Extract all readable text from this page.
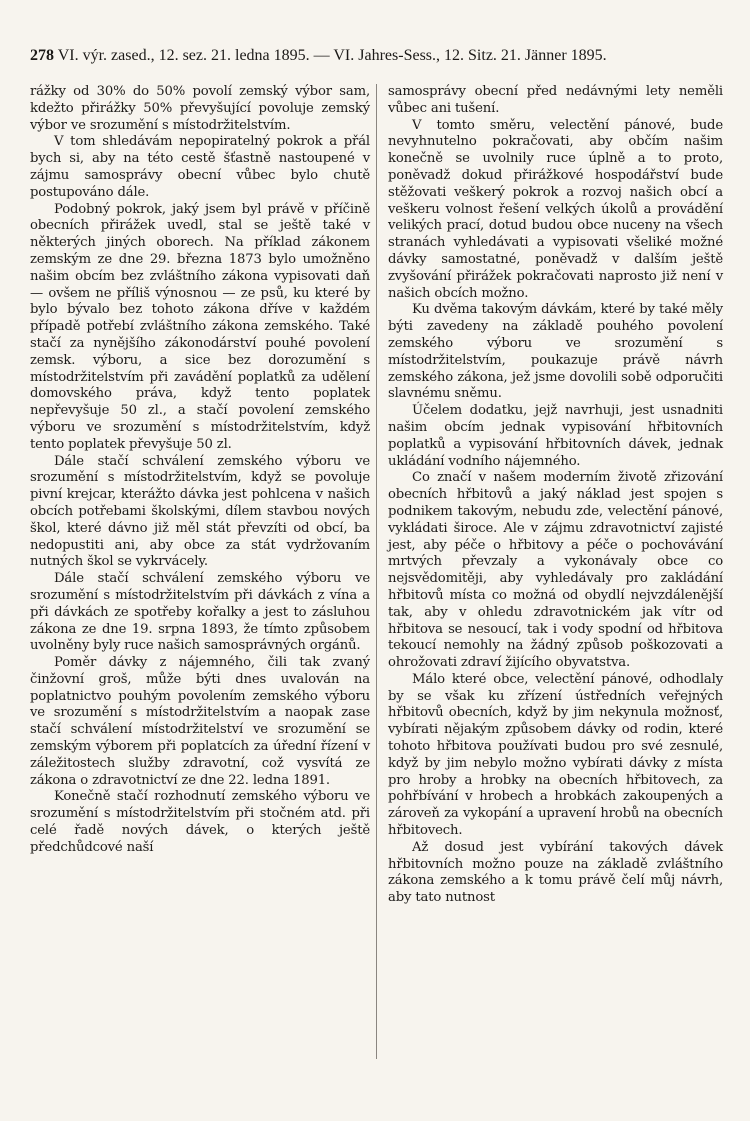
278 VI. výr. zased., 12. sez. 21. ledna 1895. — VI. Jahres-Sess., 12. Sitz. 21. Jänner 1895.

rážky od 30% do 50% povolí zemský výbor sam, kdežto přirážky 50% převyšující povoluje zemský výbor ve srozumění s místodržitelstvím.

V tom shledávám nepopiratelný pokrok a přál bych si, aby na této cestě šťastně nastoupené v zájmu samosprávy obecní vůbec bylo chutě postupováno dále.

Podobný pokrok, jaký jsem byl právě v příčině obecních přirážek uvedl, stal se ještě také v některých jiných oborech. Na příklad zákonem zemským ze dne 29. března 1873 bylo umožněno našim obcím bez zvláštního zákona vypisovati daň — ovšem ne příliš výnosnou — ze psů, ku které by bylo bývalo bez tohoto zákona dříve v každém případě potřebí zvláštního zákona zemského. Také stačí za nynějšího zákonodárství pouhé povolení zemsk. výboru, a sice bez dorozumění s místodržitelstvím při zavádění poplatků za udělení domovského práva, když tento poplatek nepřevyšuje 50 zl., a stačí povolení zemského výboru ve srozumění s místodržitelstvím, když tento poplatek převyšuje 50 zl.

Dále stačí schválení zemského výboru ve srozumění s místodržitelstvím, když se povoluje pivní krejcar, kterážto dávka jest pohlcena v našich obcích potřebami školskými, dílem stavbou nových škol, které dávno již měl stát převzíti od obcí, ba nedopustiti ani, aby obce za stát vydržovaním nutných škol se vykrvácely.

Dále stačí schválení zemského výboru ve srozumění s místodržitelstvím při dávkách z vína a při dávkách ze spotřeby kořalky a jest to zásluhou zákona ze dne 19. srpna 1893, že tímto způsobem uvolněny byly ruce našich samosprávných orgánů.

Poměr dávky z nájemného, čili tak zvaný činžovní groš, může býti dnes uvalován na poplatnictvo pouhým povolením zemského výboru ve srozumění s místodržitelstvím a naopak zase stačí schválení místodržitelství ve srozumění se zemským výborem při poplatcích za úřední řízení v záležitostech služby zdravotní, což vysvítá ze zákona o zdravotnictví ze dne 22. ledna 1891.

Konečně stačí rozhodnutí zemského výboru ve srozumění s místodržitelstvím při stočném atd. při celé řadě nových dávek, o kterých ještě předchůdcové naší

samosprávy obecní před nedávnými lety neměli vůbec ani tušení.

V tomto směru, velectění pánové, bude nevyhnutelno pokračovati, aby občím našim konečně se uvolnily ruce úplně a to proto, poněvadž dokud přirážkové hospodářství bude stěžovati veškerý pokrok a rozvoj našich obcí a veškeru volnost řešení velkých úkolů a provádění velikých prací, dotud budou obce nuceny na všech stranách vyhledávati a vypisovati všeliké možné dávky samostatné, poněvadž v dalším ještě zvyšování přirážek pokračovati naprosto již není v našich obcích možno.

Ku dvěma takovým dávkám, které by také měly býti zavedeny na základě pouhého povolení zemského výboru ve srozumění s místodržitelstvím, poukazuje právě návrh zemského zákona, jež jsme dovolili sobě odporučiti slavnému sněmu.

Účelem dodatku, jejž navrhuji, jest usnadniti našim obcím jednak vypisování hřbitovních poplatků a vypisování hřbitovních dávek, jednak ukládání vodního nájemného.

Co značí v našem moderním životě zřizování obecních hřbitovů a jaký náklad jest spojen s podnikem takovým, nebudu zde, velectění pánové, vykládati široce. Ale v zájmu zdravotnictví zajisté jest, aby péče o hřbitovy a péče o pochovávání mrtvých převzaly a vykonávaly obce co nejsvědomitěji, aby vyhledávaly pro zakládání hřbitovů místa co možná od obydlí nejvzdálenější tak, aby v ohledu zdravotnickém jak vítr od hřbitova se nesoucí, tak i vody spodní od hřbitova tekoucí nemohly na žádný způsob poškozovati a ohrožovati zdraví žijícího obyvatstva.

Málo které obce, velectění pánové, odhodlaly by se však ku zřízení ústředních veřejných hřbitovů obecních, když by jim nekynula možnosť, vybírati nějakým způsobem dávky od rodin, které tohoto hřbitova používati budou pro své zesnulé, když by jim nebylo možno vybírati dávky z místa pro hroby a hrobky na obecních hřbitovech, za pohřbívání v hrobech a hrobkách zakoupených a zároveň za vykopání a upravení hrobů na obecních hřbitovech.

Až dosud jest vybírání takových dávek hřbitovních možno pouze na základě zvláštního zákona zemského a k tomu právě čelí můj návrh, aby tato nutnost
